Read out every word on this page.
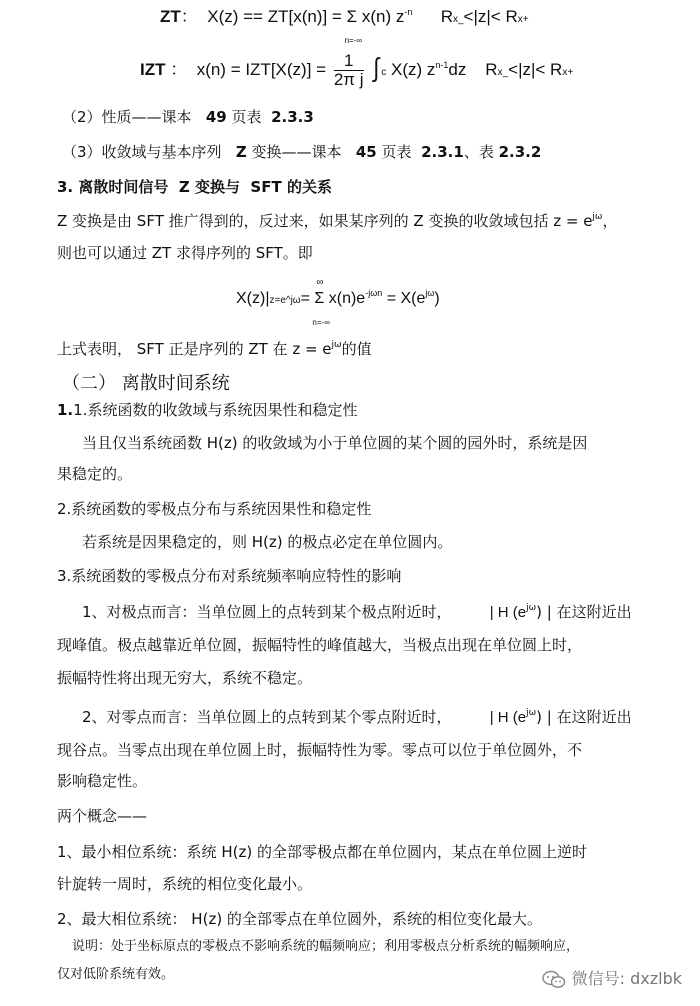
ZT： X(z) == ZT[x(n)] = Σ
n=-∞
x(n) $z^{-n}$ Rx_<|z|< Rx+
IZT ： $x(n) = IZT[X(z)] = \frac{1}{\text{2π j}}$ ∫ c X(z) $z^{n-1}dz$ Rx_<|z|< Rx+
（2）性质——课本 49 页表 2.3.3
（3）收敛域与基本序列 Z 变换——课本 45 页表 2.3.1、表 2.3.2
3. 离散时间信号 Z 变换与 SFT 的关系
Z 变换是由 SFT 推广得到的，反过来，如果某序列的 Z 变换的收敛域包括 $z = e^{j\omega}$，
则也可以通过 ZT 求得序列的 SFT。即
X(z)|z=e^jω=
∞
Σ
n=-∞
$x(n)e^{-j\omega n} = X(e^{j\omega})$
上式表明， SFT 正是序列的 ZT 在 $z = e^{j\omega}$的值
（二） 离散时间系统
1.1.系统函数的收敛域与系统因果性和稳定性
当且仅当系统函数 H(z) 的收敛域为小于单位圆的某个圆的园外时，系统是因
果稳定的。
2.系统函数的零极点分布与系统因果性和稳定性
若系统是因果稳定的，则 H(z) 的极点必定在单位圆内。
3.系统函数的零极点分布对系统频率响应特性的影响
1、对极点而言：当单位圆上的点转到某个极点附近时，	| H $(e^{j\omega})$ | 在这附近出
现峰值。极点越靠近单位圆，振幅特性的峰值越大，当极点出现在单位圆上时，
振幅特性将出现无穷大，系统不稳定。
2、对零点而言：当单位圆上的点转到某个零点附近时，	| H $(e^{j\omega})$ | 在这附近出
现谷点。当零点出现在单位圆上时，振幅特性为零。零点可以位于单位圆外，不
影响稳定性。
两个概念——
1、最小相位系统：系统 H(z) 的全部零极点都在单位圆内，某点在单位圆上逆时
针旋转一周时，系统的相位变化最小。
2、最大相位系统： H(z) 的全部零点在单位圆外，系统的相位变化最大。
说明：处于坐标原点的零极点不影响系统的幅频响应；利用零极点分析系统的幅频响应，
仅对低阶系统有效。	微信号: dxzlbk
